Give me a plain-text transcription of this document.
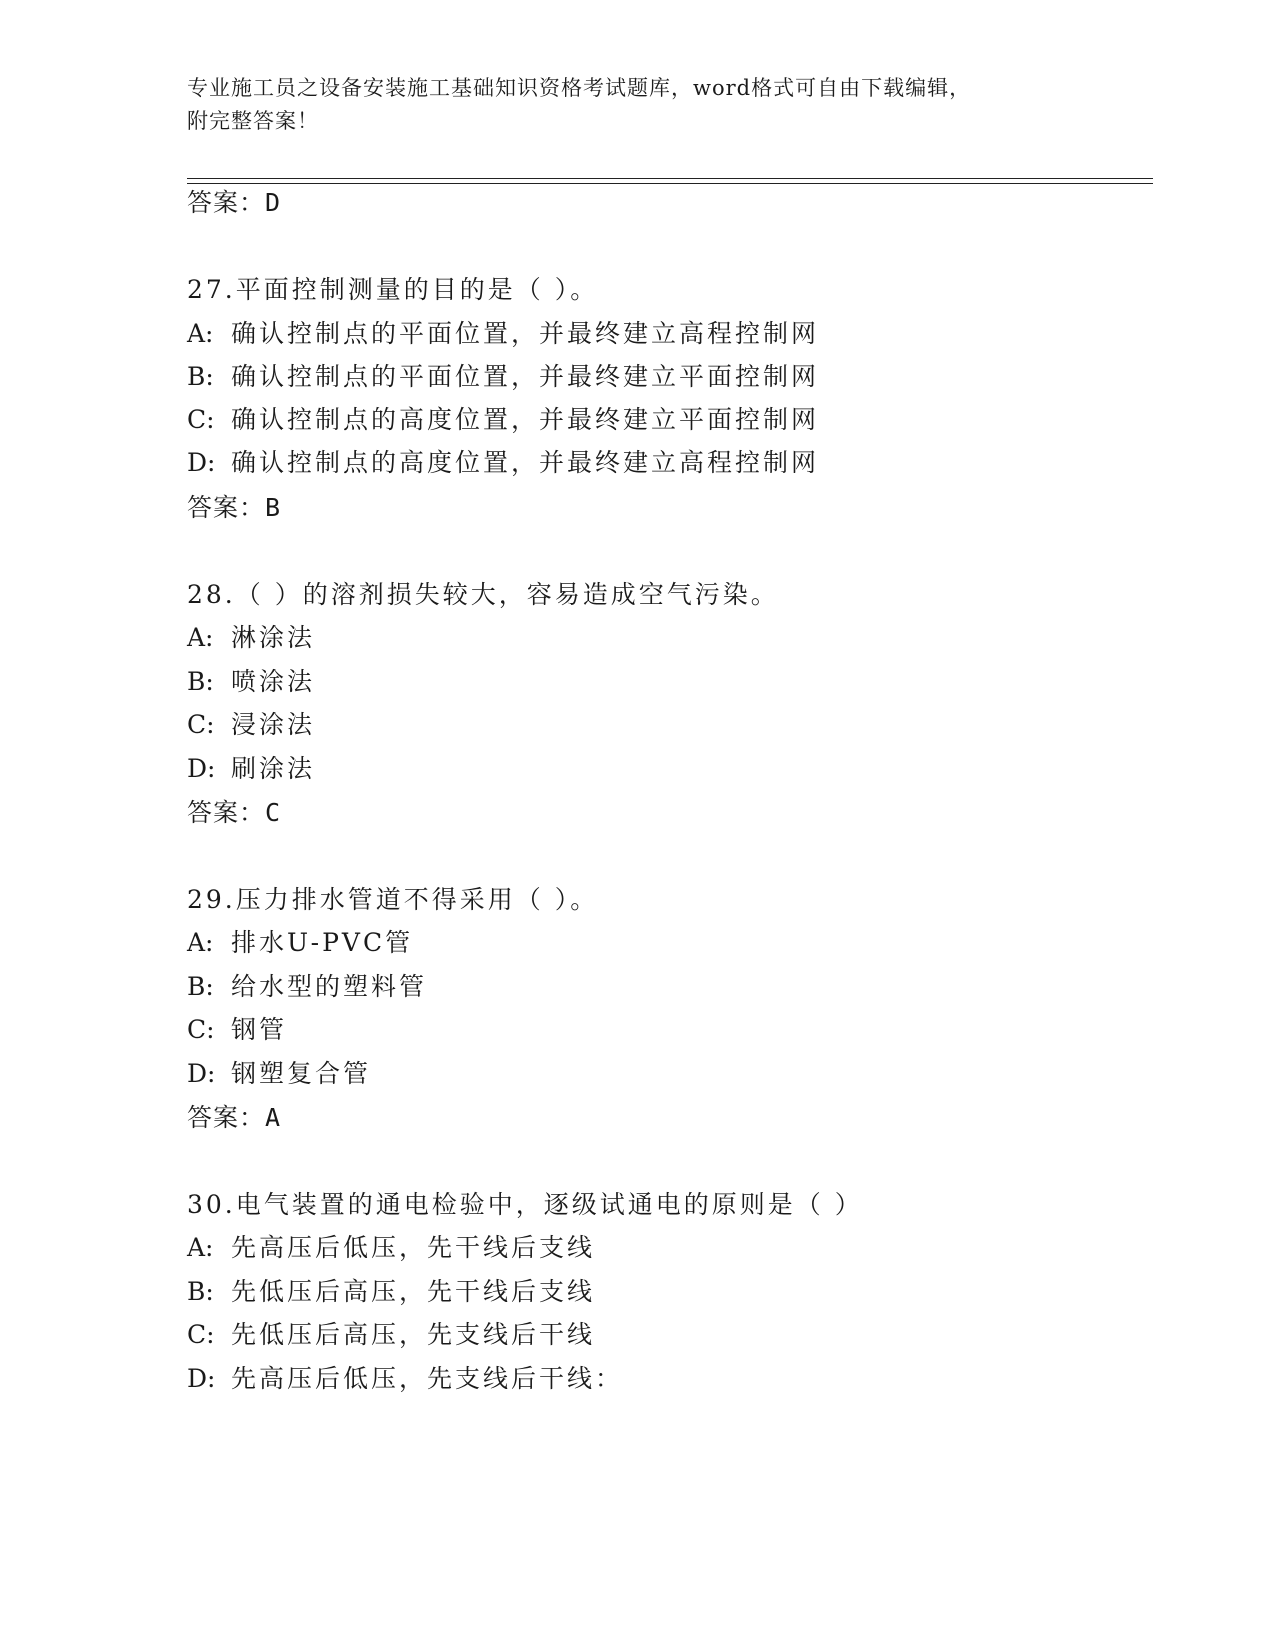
专业施工员之设备安装施工基础知识资格考试题库，word格式可自由下载编辑，
附完整答案！
答案：D
27.平面控制测量的目的是（ ）。
A: 确认控制点的平面位置，并最终建立高程控制网
B: 确认控制点的平面位置，并最终建立平面控制网
C: 确认控制点的高度位置，并最终建立平面控制网
D: 确认控制点的高度位置，并最终建立高程控制网
答案：B
28.（ ）的溶剂损失较大，容易造成空气污染。
A: 淋涂法
B: 喷涂法
C: 浸涂法
D: 刷涂法
答案：C
29.压力排水管道不得采用（ ）。
A: 排水U-PVC管
B: 给水型的塑料管
C: 钢管
D: 钢塑复合管
答案：A
30.电气装置的通电检验中，逐级试通电的原则是（ ）
A: 先高压后低压，先干线后支线
B: 先低压后高压，先干线后支线
C: 先低压后高压，先支线后干线
D: 先高压后低压，先支线后干线：
